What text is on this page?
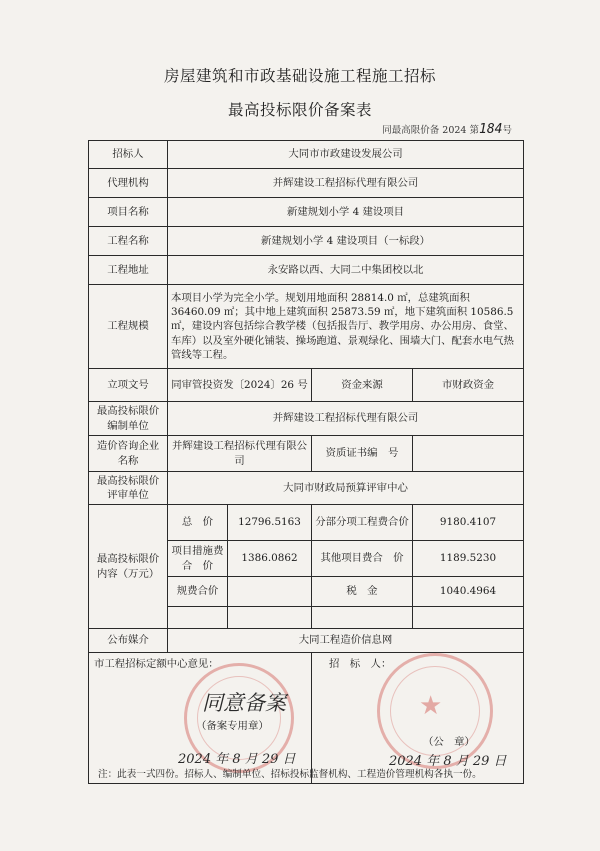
房屋建筑和市政基础设施工程施工招标
最高投标限价备案表
同最高限价备 2024 第184号
招标人	大同市市政建设发展公司			
代理机构	并辉建设工程招标代理有限公司			
项目名称	新建规划小学 4 建设项目			
工程名称	新建规划小学 4 建设项目（一标段）			
工程地址	永安路以西、大同二中集团校以北			
工程规模	本项目小学为完全小学。规划用地面积 28814.0 ㎡，总建筑面积 36460.09 ㎡；其中地上建筑面积 25873.59 ㎡，地下建筑面积 10586.5 ㎡，建设内容包括综合教学楼（包括报告厅、教学用房、办公用房、食堂、车库）以及室外硬化铺装、操场跑道、景观绿化、围墙大门、配套水电气热管线等工程。			
立项文号	同审管投资发〔2024〕26 号		资金来源	市财政资金
最高投标限价编制单位	并辉建设工程招标代理有限公司			
造价咨询企业名称	并辉建设工程招标代理有限公司		资质证书编　号	
最高投标限价评审单位	大同市财政局预算评审中心			
最高投标限价内容（万元）	总　价	12796.5163	分部分项工程费合价	9180.4107
	项目措施费合　价	1386.0862	其他项目费合　价	1189.5230
	规费合价		税　金	1040.4964

公布媒介	大同工程造价信息网			

市工程招标定额中心意见：
同意备案
（备案专用章）
2024 年 8 月 29 日			招　标　人：
★
（公　章）
2024 年 8 月 29 日	
注：此表一式四份。招标人、编制单位、招标投标监督机构、工程造价管理机构各执一份。
